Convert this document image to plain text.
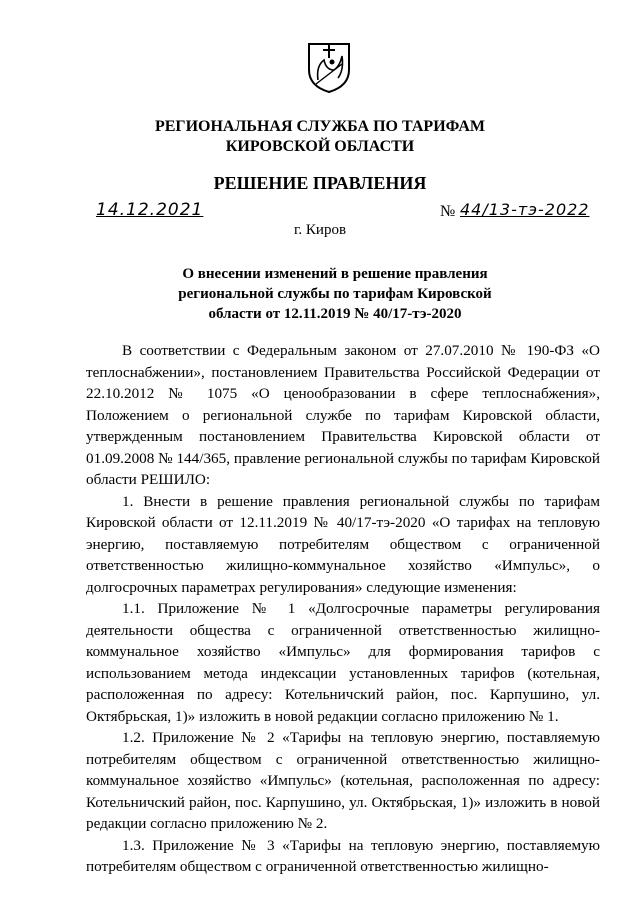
РЕГИОНАЛЬНАЯ СЛУЖБА ПО ТАРИФАМ
КИРОВСКОЙ ОБЛАСТИ
РЕШЕНИЕ ПРАВЛЕНИЯ
14.12.2021	№ 44/13-тэ-2022
г. Киров
О внесении изменений в решение правления
региональной службы по тарифам Кировской
области от 12.11.2019 № 40/17-тэ-2020

В соответствии с Федеральным законом от 27.07.2010 № 190-ФЗ «О теплоснабжении», постановлением Правительства Российской Федерации от 22.10.2012 № 1075 «О ценообразовании в сфере теплоснабжения», Положением о региональной службе по тарифам Кировской области, утвержденным постановлением Правительства Кировской области от 01.09.2008 № 144/365, правление региональной службы по тарифам Кировской области РЕШИЛО:

1. Внести в решение правления региональной службы по тарифам Кировской области от 12.11.2019 № 40/17-тэ-2020 «О тарифах на тепловую энергию, поставляемую потребителям обществом с ограниченной ответственностью жилищно-коммунальное хозяйство «Импульс», о долгосрочных параметрах регулирования» следующие изменения:

1.1. Приложение № 1 «Долгосрочные параметры регулирования деятельности общества с ограниченной ответственностью жилищно-коммунальное хозяйство «Импульс» для формирования тарифов с использованием метода индексации установленных тарифов (котельная, расположенная по адресу: Котельничский район, пос. Карпушино, ул. Октябрьская, 1)» изложить в новой редакции согласно приложению № 1.

1.2. Приложение № 2 «Тарифы на тепловую энергию, поставляемую потребителям обществом с ограниченной ответственностью жилищно-коммунальное хозяйство «Импульс» (котельная, расположенная по адресу: Котельничский район, пос. Карпушино, ул. Октябрьская, 1)» изложить в новой редакции согласно приложению № 2.

1.3. Приложение № 3 «Тарифы на тепловую энергию, поставляемую потребителям обществом с ограниченной ответственностью жилищно-
